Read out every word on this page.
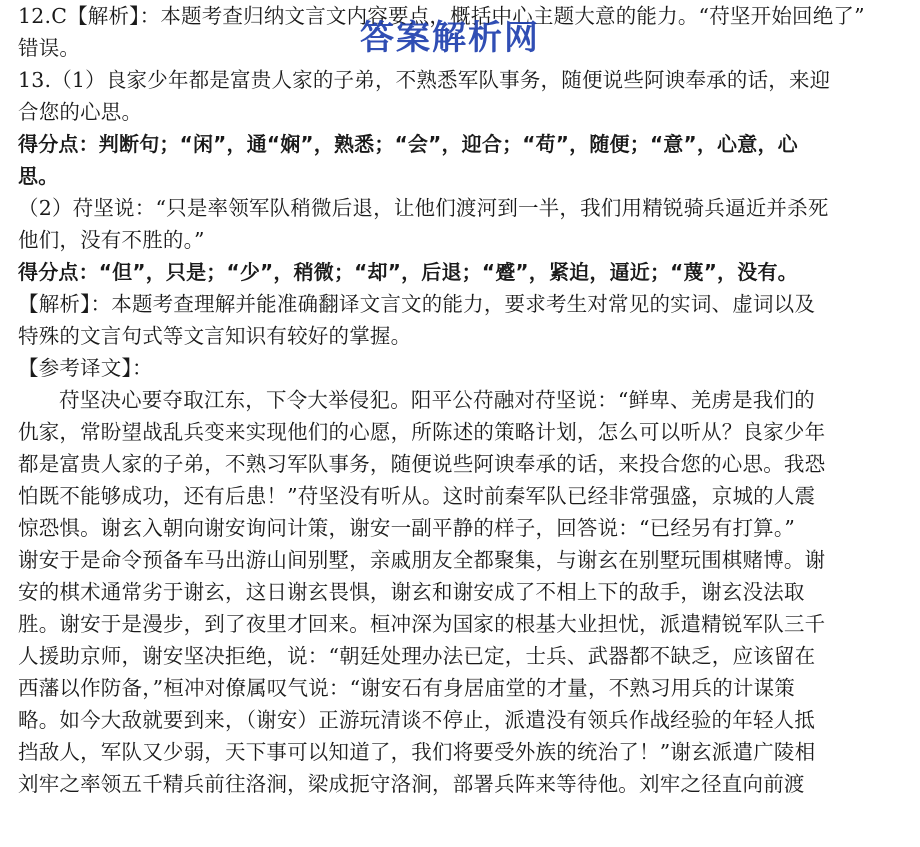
12.C【解析】：本题考查归纳文言文内容要点，概括中心主题大意的能力。“苻坚开始回绝了”
错误。
13.（1）良家少年都是富贵人家的子弟，不熟悉军队事务，随便说些阿谀奉承的话，来迎
合您的心思。
得分点：判断句；“闲”，通“娴”，熟悉；“会”，迎合；“苟”，随便；“意”，心意，心
思。
（2）苻坚说：“只是率领军队稍微后退，让他们渡河到一半，我们用精锐骑兵逼近并杀死
他们，没有不胜的。”
得分点：“但”，只是；“少”，稍微；“却”，后退；“蹙”，紧迫，逼近；“蔑”，没有。
【解析】：本题考查理解并能准确翻译文言文的能力，要求考生对常见的实词、虚词以及
特殊的文言句式等文言知识有较好的掌握。
【参考译文】：
苻坚决心要夺取江东，下令大举侵犯。阳平公苻融对苻坚说：“鲜卑、羌虏是我们的
仇家，常盼望战乱兵变来实现他们的心愿，所陈述的策略计划，怎么可以听从？良家少年
都是富贵人家的子弟，不熟习军队事务，随便说些阿谀奉承的话，来投合您的心思。我恐
怕既不能够成功，还有后患！”苻坚没有听从。这时前秦军队已经非常强盛，京城的人震
惊恐惧。谢玄入朝向谢安询问计策，谢安一副平静的样子，回答说：“已经另有打算。”
谢安于是命令预备车马出游山间别墅，亲戚朋友全都聚集，与谢玄在别墅玩围棋赌博。谢
安的棋术通常劣于谢玄，这日谢玄畏惧，谢玄和谢安成了不相上下的敌手，谢玄没法取
胜。谢安于是漫步，到了夜里才回来。桓冲深为国家的根基大业担忧，派遣精锐军队三千
人援助京师，谢安坚决拒绝，说：“朝廷处理办法已定，士兵、武器都不缺乏，应该留在
西藩以作防备，”桓冲对僚属叹气说：“谢安石有身居庙堂的才量，不熟习用兵的计谋策
略。如今大敌就要到来，（谢安）正游玩清谈不停止，派遣没有领兵作战经验的年轻人抵
挡敌人，军队又少弱，天下事可以知道了，我们将要受外族的统治了！”谢玄派遣广陵相
刘牢之率领五千精兵前往洛涧，梁成扼守洛涧，部署兵阵来等待他。刘牢之径直向前渡
答案解析网
